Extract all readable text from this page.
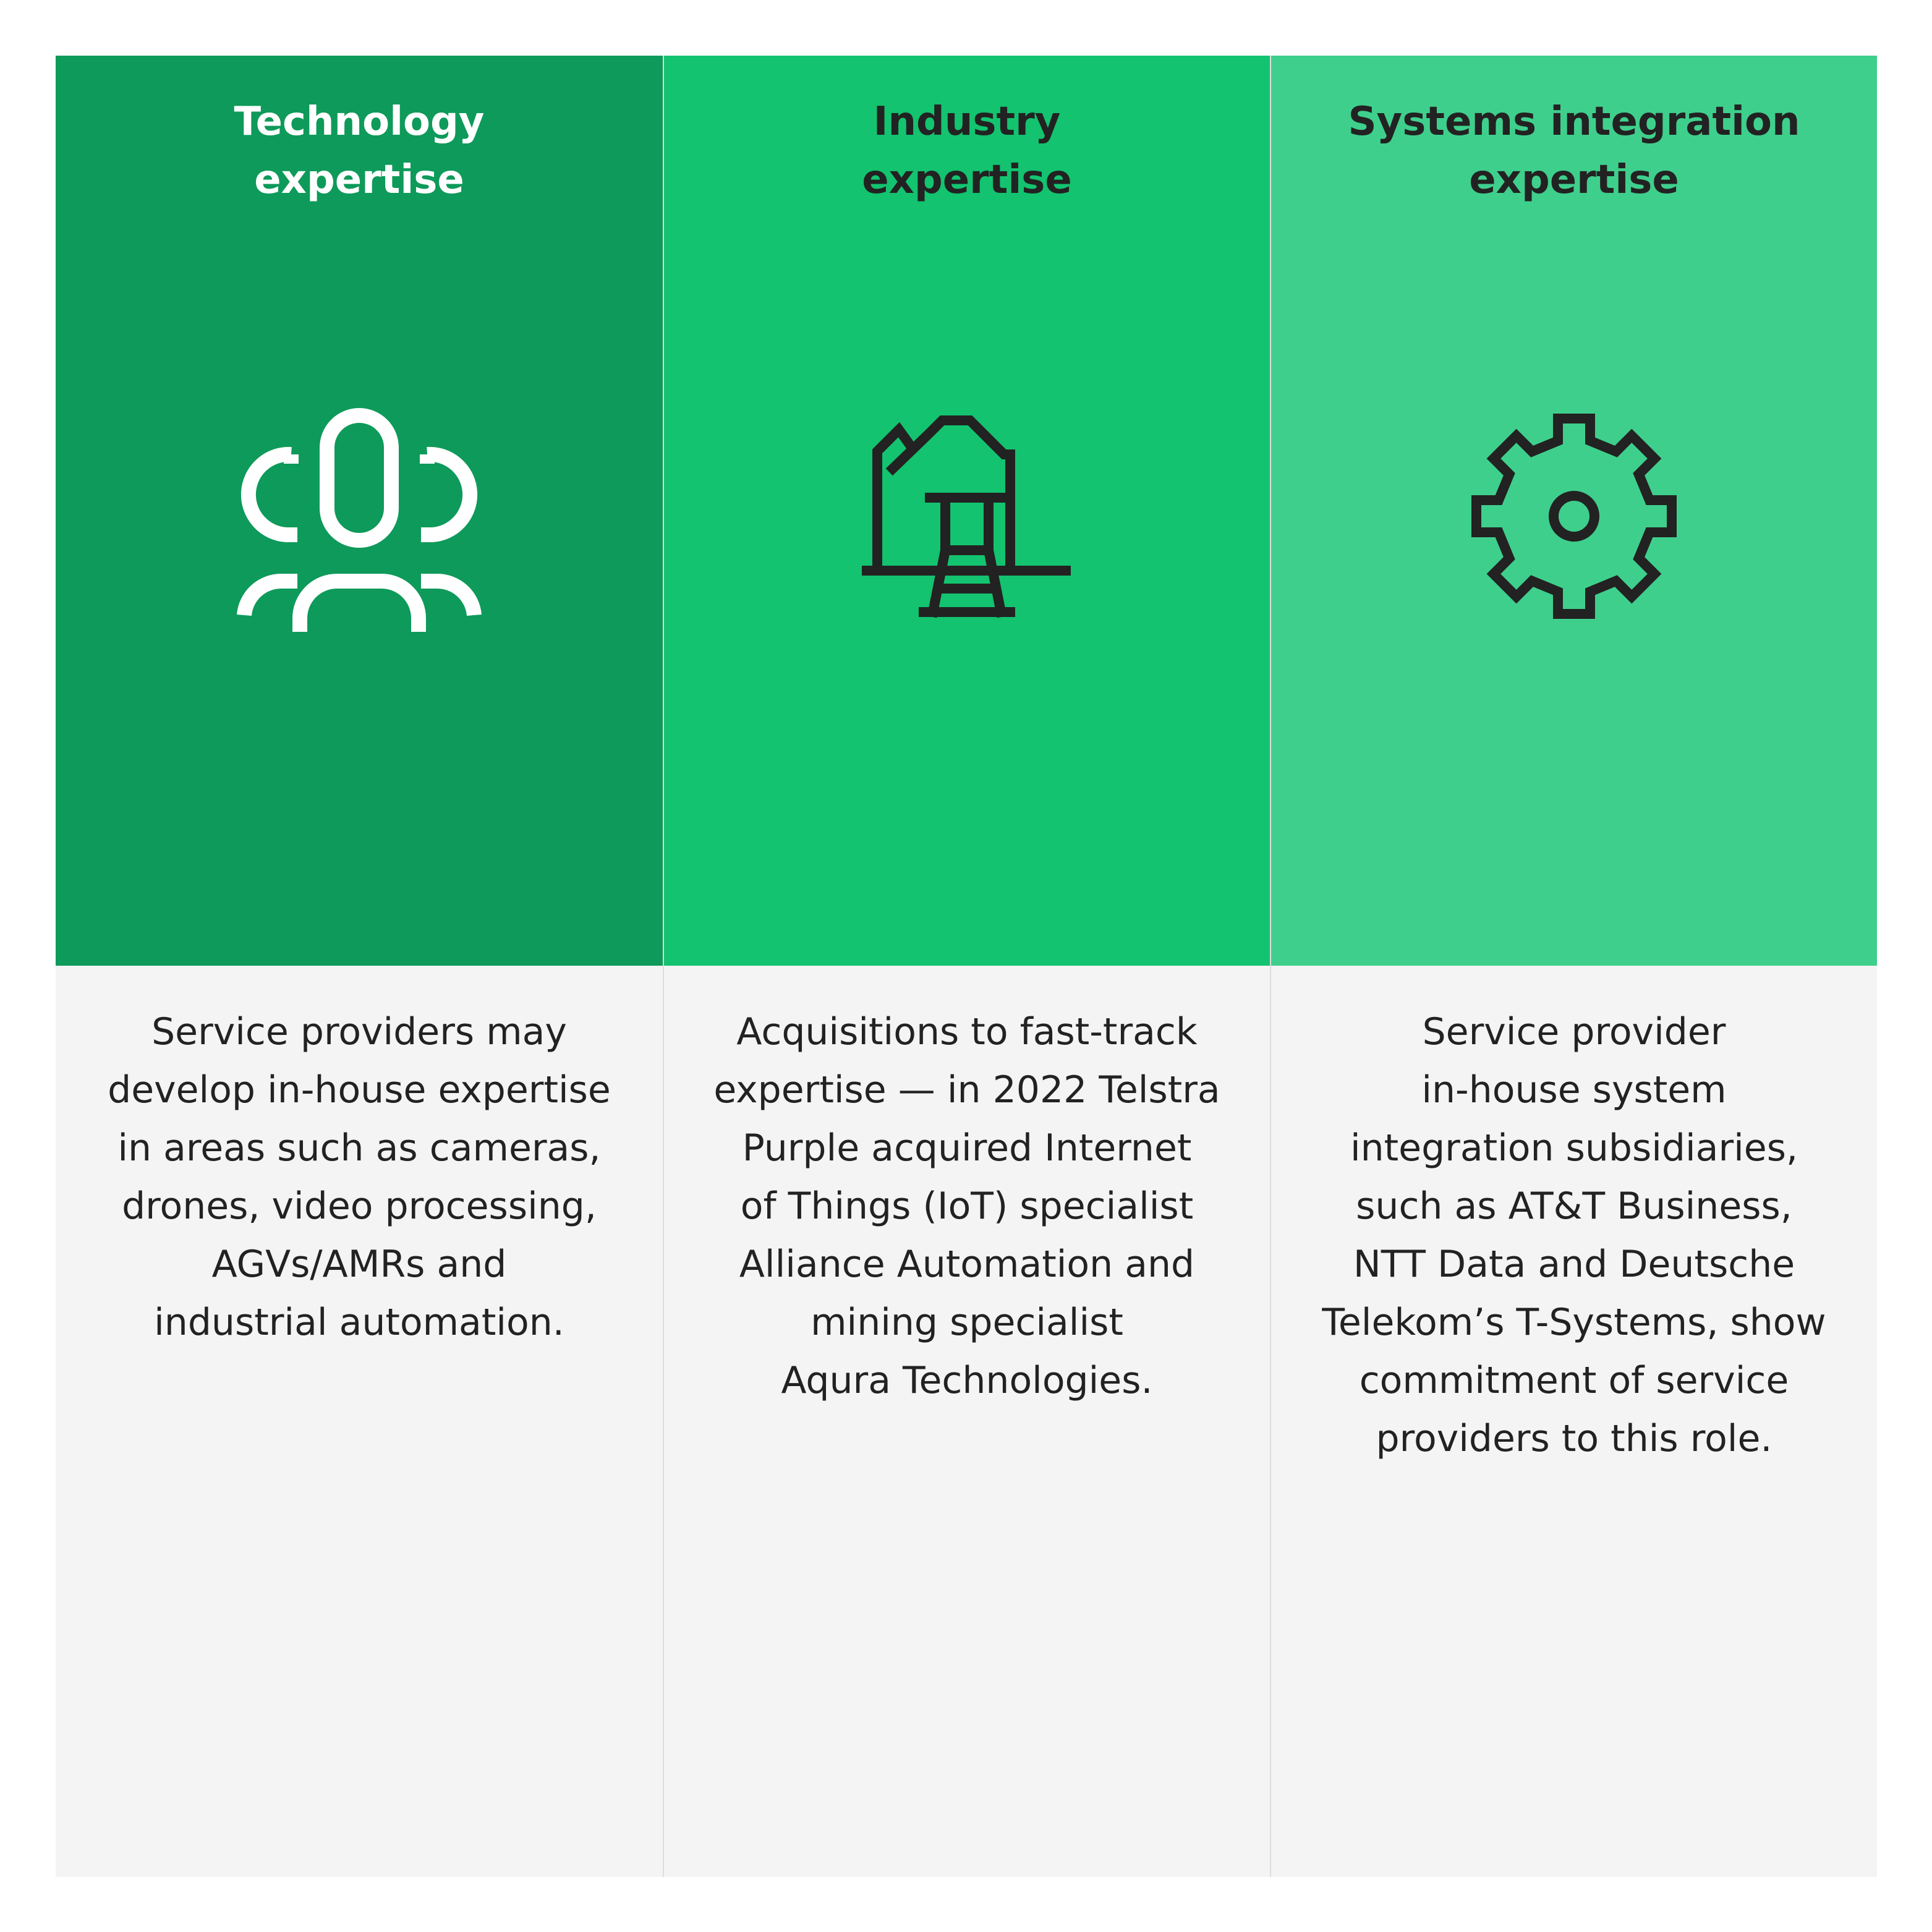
Technology
expertise
Service providers may
develop in-house expertise
in areas such as cameras,
drones, video processing,
AGVs/AMRs and
industrial automation.
Industry
expertise
Acquisitions to fast-track
expertise — in 2022 Telstra
Purple acquired Internet
of Things (IoT) specialist
Alliance Automation and
mining specialist
Aqura Technologies.
Systems integration
expertise
Service provider
in-house system
integration subsidiaries,
such as AT&T Business,
NTT Data and Deutsche
Telekom’s T-Systems, show
commitment of service
providers to this role.
